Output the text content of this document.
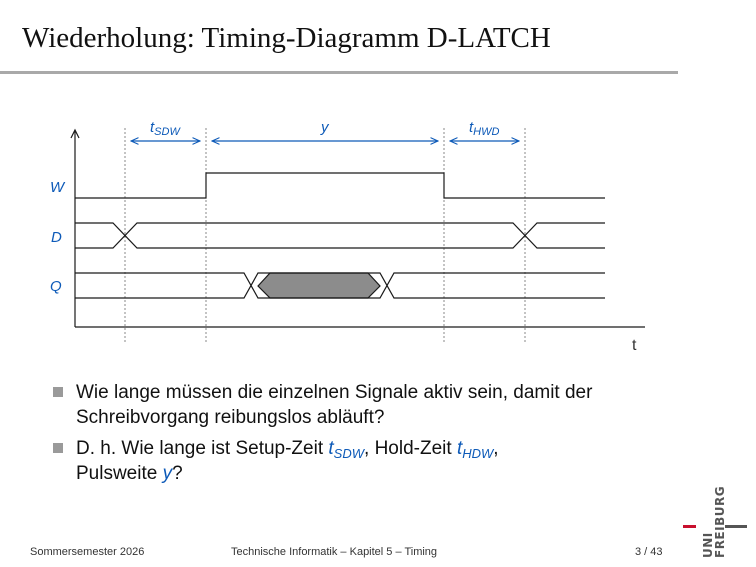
Wiederholung: Timing-Diagramm D-LATCH
$t_{SDW}$	y	$t_{HWD}$
W
D
Q
t
Wie lange müssen die einzelnen Signale aktiv sein, damit der Schreibvorgang reibungslos abläuft?
D. h. Wie lange ist Setup-Zeit $t_{SDW}$, Hold-Zeit $t_{HDW}$,
Pulsweite y?
Sommersemester 2026	Technische Informatik – Kapitel 5 – Timing	3 / 43	UNI
FREIBURG
